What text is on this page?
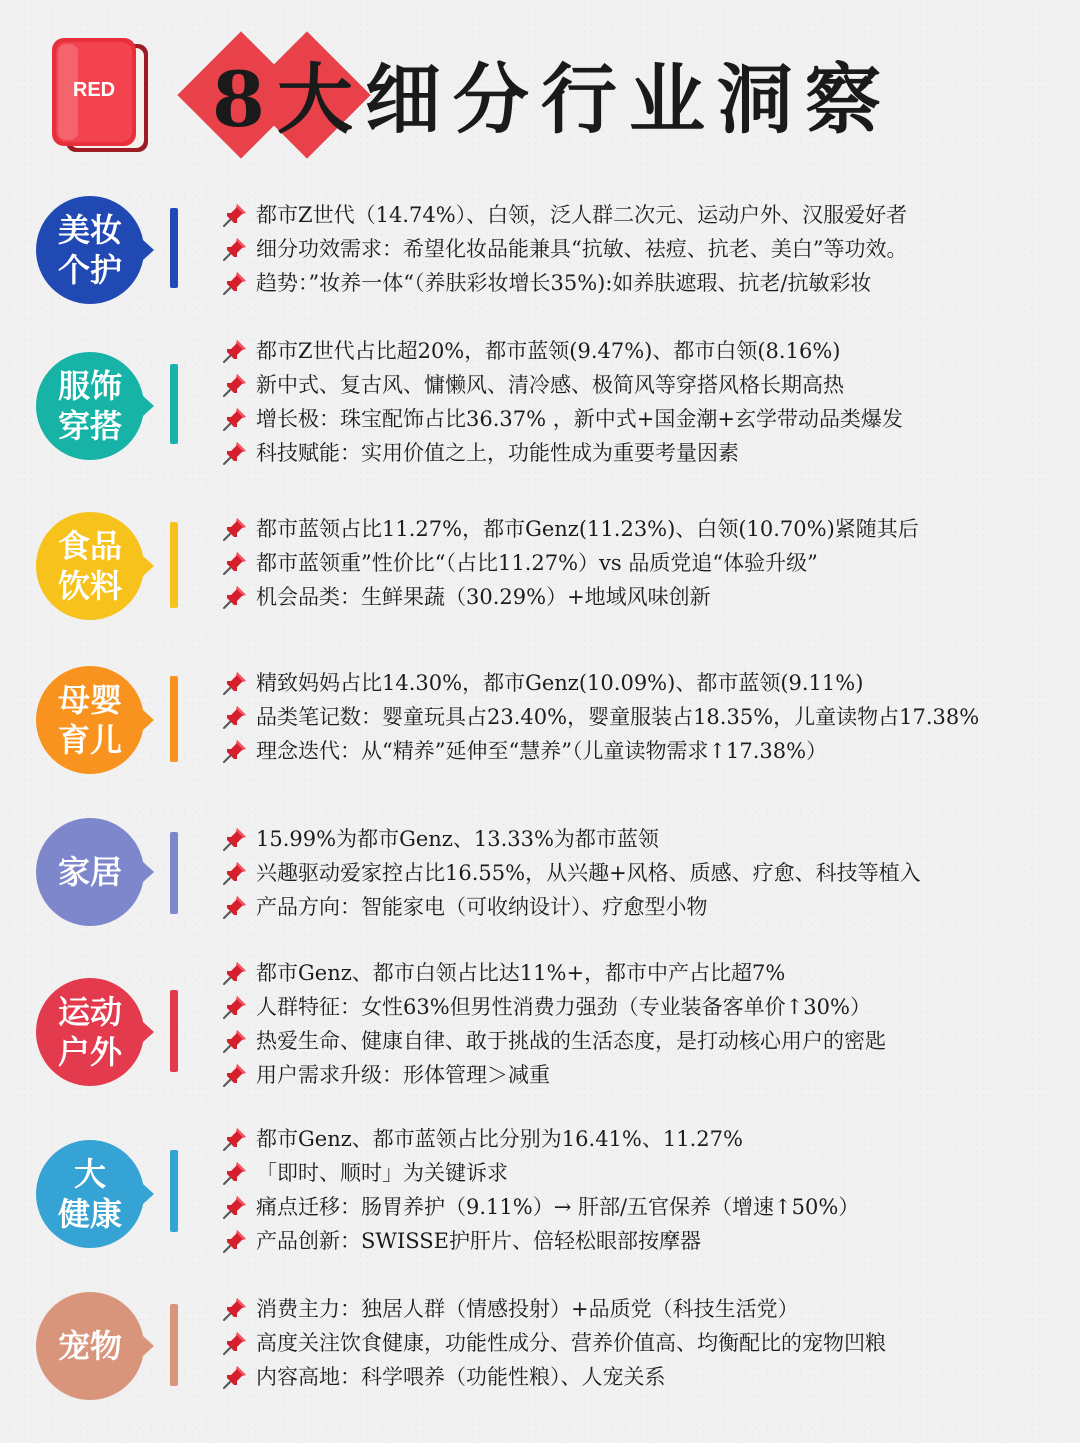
RED 8大细分行业洞察
美妆
个护
都市Z世代（14.74%）、白领，泛人群二次元、运动户外、汉服爱好者
细分功效需求：希望化妆品能兼具“抗敏、祛痘、抗老、美白”等功效。
趋势：”妆养一体“（养肤彩妆增长35%):如养肤遮瑕、抗老/抗敏彩妆
服饰
穿搭
都市Z世代占比超20%，都市蓝领(9.47%)、都市白领(8.16%)
新中式、复古风、慵懒风、清冷感、极简风等穿搭风格长期高热
增长极：珠宝配饰占比36.37% ，新中式+国金潮+玄学带动品类爆发
科技赋能：实用价值之上，功能性成为重要考量因素
食品
饮料
都市蓝领占比11.27%，都市Genz(11.23%)、白领(10.70%)紧随其后
都市蓝领重”性价比“（占比11.27%）vs 品质党追“体验升级”
机会品类：生鲜果蔬（30.29%）+地域风味创新
母婴
育儿
精致妈妈占比14.30%，都市Genz(10.09%)、都市蓝领(9.11%)
品类笔记数：婴童玩具占23.40%，婴童服装占18.35%，儿童读物占17.38%
理念迭代：从“精养”延伸至“慧养”（儿童读物需求↑17.38%）
家居
15.99%为都市Genz、13.33%为都市蓝领
兴趣驱动爱家控占比16.55%，从兴趣+风格、质感、疗愈、科技等植入
产品方向：智能家电（可收纳设计）、疗愈型小物
运动
户外
都市Genz、都市白领占比达11%+，都市中产占比超7%
人群特征：女性63%但男性消费力强劲（专业装备客单价↑30%）
热爱生命、健康自律、敢于挑战的生活态度，是打动核心用户的密匙
用户需求升级：形体管理＞减重
大
健康
都市Genz、都市蓝领占比分别为16.41%、11.27%
「即时、顺时」为关键诉求
痛点迁移：肠胃养护（9.11%）→ 肝部/五官保养（增速↑50%）
产品创新：SWISSE护肝片、倍轻松眼部按摩器
宠物
消费主力：独居人群（情感投射）+品质党（科技生活党）
高度关注饮食健康，功能性成分、营养价值高、均衡配比的宠物凹粮
内容高地：科学喂养（功能性粮）、人宠关系
